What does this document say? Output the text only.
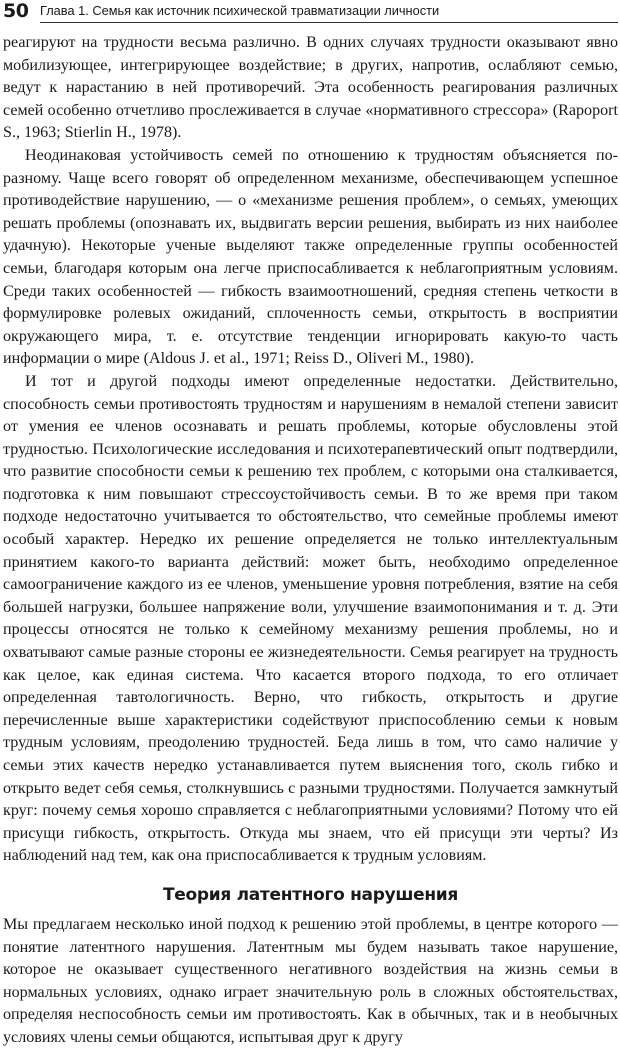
50 Глава 1. Семья как источник психической травматизации личности

реагируют на трудности весьма различно. В одних случаях трудности оказывают явно мобилизующее, интегрирующее воздействие; в других, напротив, ослабляют семью, ведут к нарастанию в ней противоречий. Эта особенность реагирования различных семей особенно отчетливо прослеживается в случае «нормативного стрессора» (Rapoport S., 1963; Stierlin H., 1978).

Неодинаковая устойчивость семей по отношению к трудностям объясняется по-разному. Чаще всего говорят об определенном механизме, обеспечивающем успешное противодействие нарушению, — о «механизме решения проблем», о семьях, умеющих решать проблемы (опознавать их, выдвигать версии решения, выбирать из них наиболее удачную). Некоторые ученые выделяют также определенные группы особенностей семьи, благодаря которым она легче приспосабливается к неблагоприятным условиям. Среди таких особенностей — гибкость взаимоотношений, средняя степень четкости в формулировке ролевых ожиданий, сплоченность семьи, открытость в восприятии окружающего мира, т. е. отсутствие тенденции игнорировать какую-то часть информации о мире (Aldous J. et al., 1971; Reiss D., Oliveri M., 1980).

И тот и другой подходы имеют определенные недостатки. Действительно, способность семьи противостоять трудностям и нарушениям в немалой степени зависит от умения ее членов осознавать и решать проблемы, которые обусловлены этой трудностью. Психологические исследования и психотерапевтический опыт подтвердили, что развитие способности семьи к решению тех проблем, с которыми она сталкивается, подготовка к ним повышают стрессоустойчивость семьи. В то же время при таком подходе недостаточно учитывается то обстоятельство, что семейные проблемы имеют особый характер. Нередко их решение определяется не только интеллектуальным принятием какого-то варианта действий: может быть, необходимо определенное самоограничение каждого из ее членов, уменьшение уровня потребления, взятие на себя большей нагрузки, большее напряжение воли, улучшение взаимопонимания и т. д. Эти процессы относятся не только к семейному механизму решения проблемы, но и охватывают самые разные стороны ее жизнедеятельности. Семья реагирует на трудность как целое, как единая система. Что касается второго подхода, то его отличает определенная тавтологичность. Верно, что гибкость, открытость и другие перечисленные выше характеристики содействуют приспособлению семьи к новым трудным условиям, преодолению трудностей. Беда лишь в том, что само наличие у семьи этих качеств нередко устанавливается путем выяснения того, сколь гибко и открыто ведет себя семья, столкнувшись с разными трудностями. Получается замкнутый круг: почему семья хорошо справляется с неблагоприятными условиями? Потому что ей присущи гибкость, открытость. Откуда мы знаем, что ей присущи эти черты? Из наблюдений над тем, как она приспосабливается к трудным условиям.

Теория латентного нарушения

Мы предлагаем несколько иной подход к решению этой проблемы, в центре которого — понятие латентного нарушения. Латентным мы будем называть такое нарушение, которое не оказывает существенного негативного воздействия на жизнь семьи в нормальных условиях, однако играет значительную роль в сложных обстоятельствах, определяя неспособность семьи им противостоять. Как в обычных, так и в необычных условиях члены семьи общаются, испытывая друг к другу
